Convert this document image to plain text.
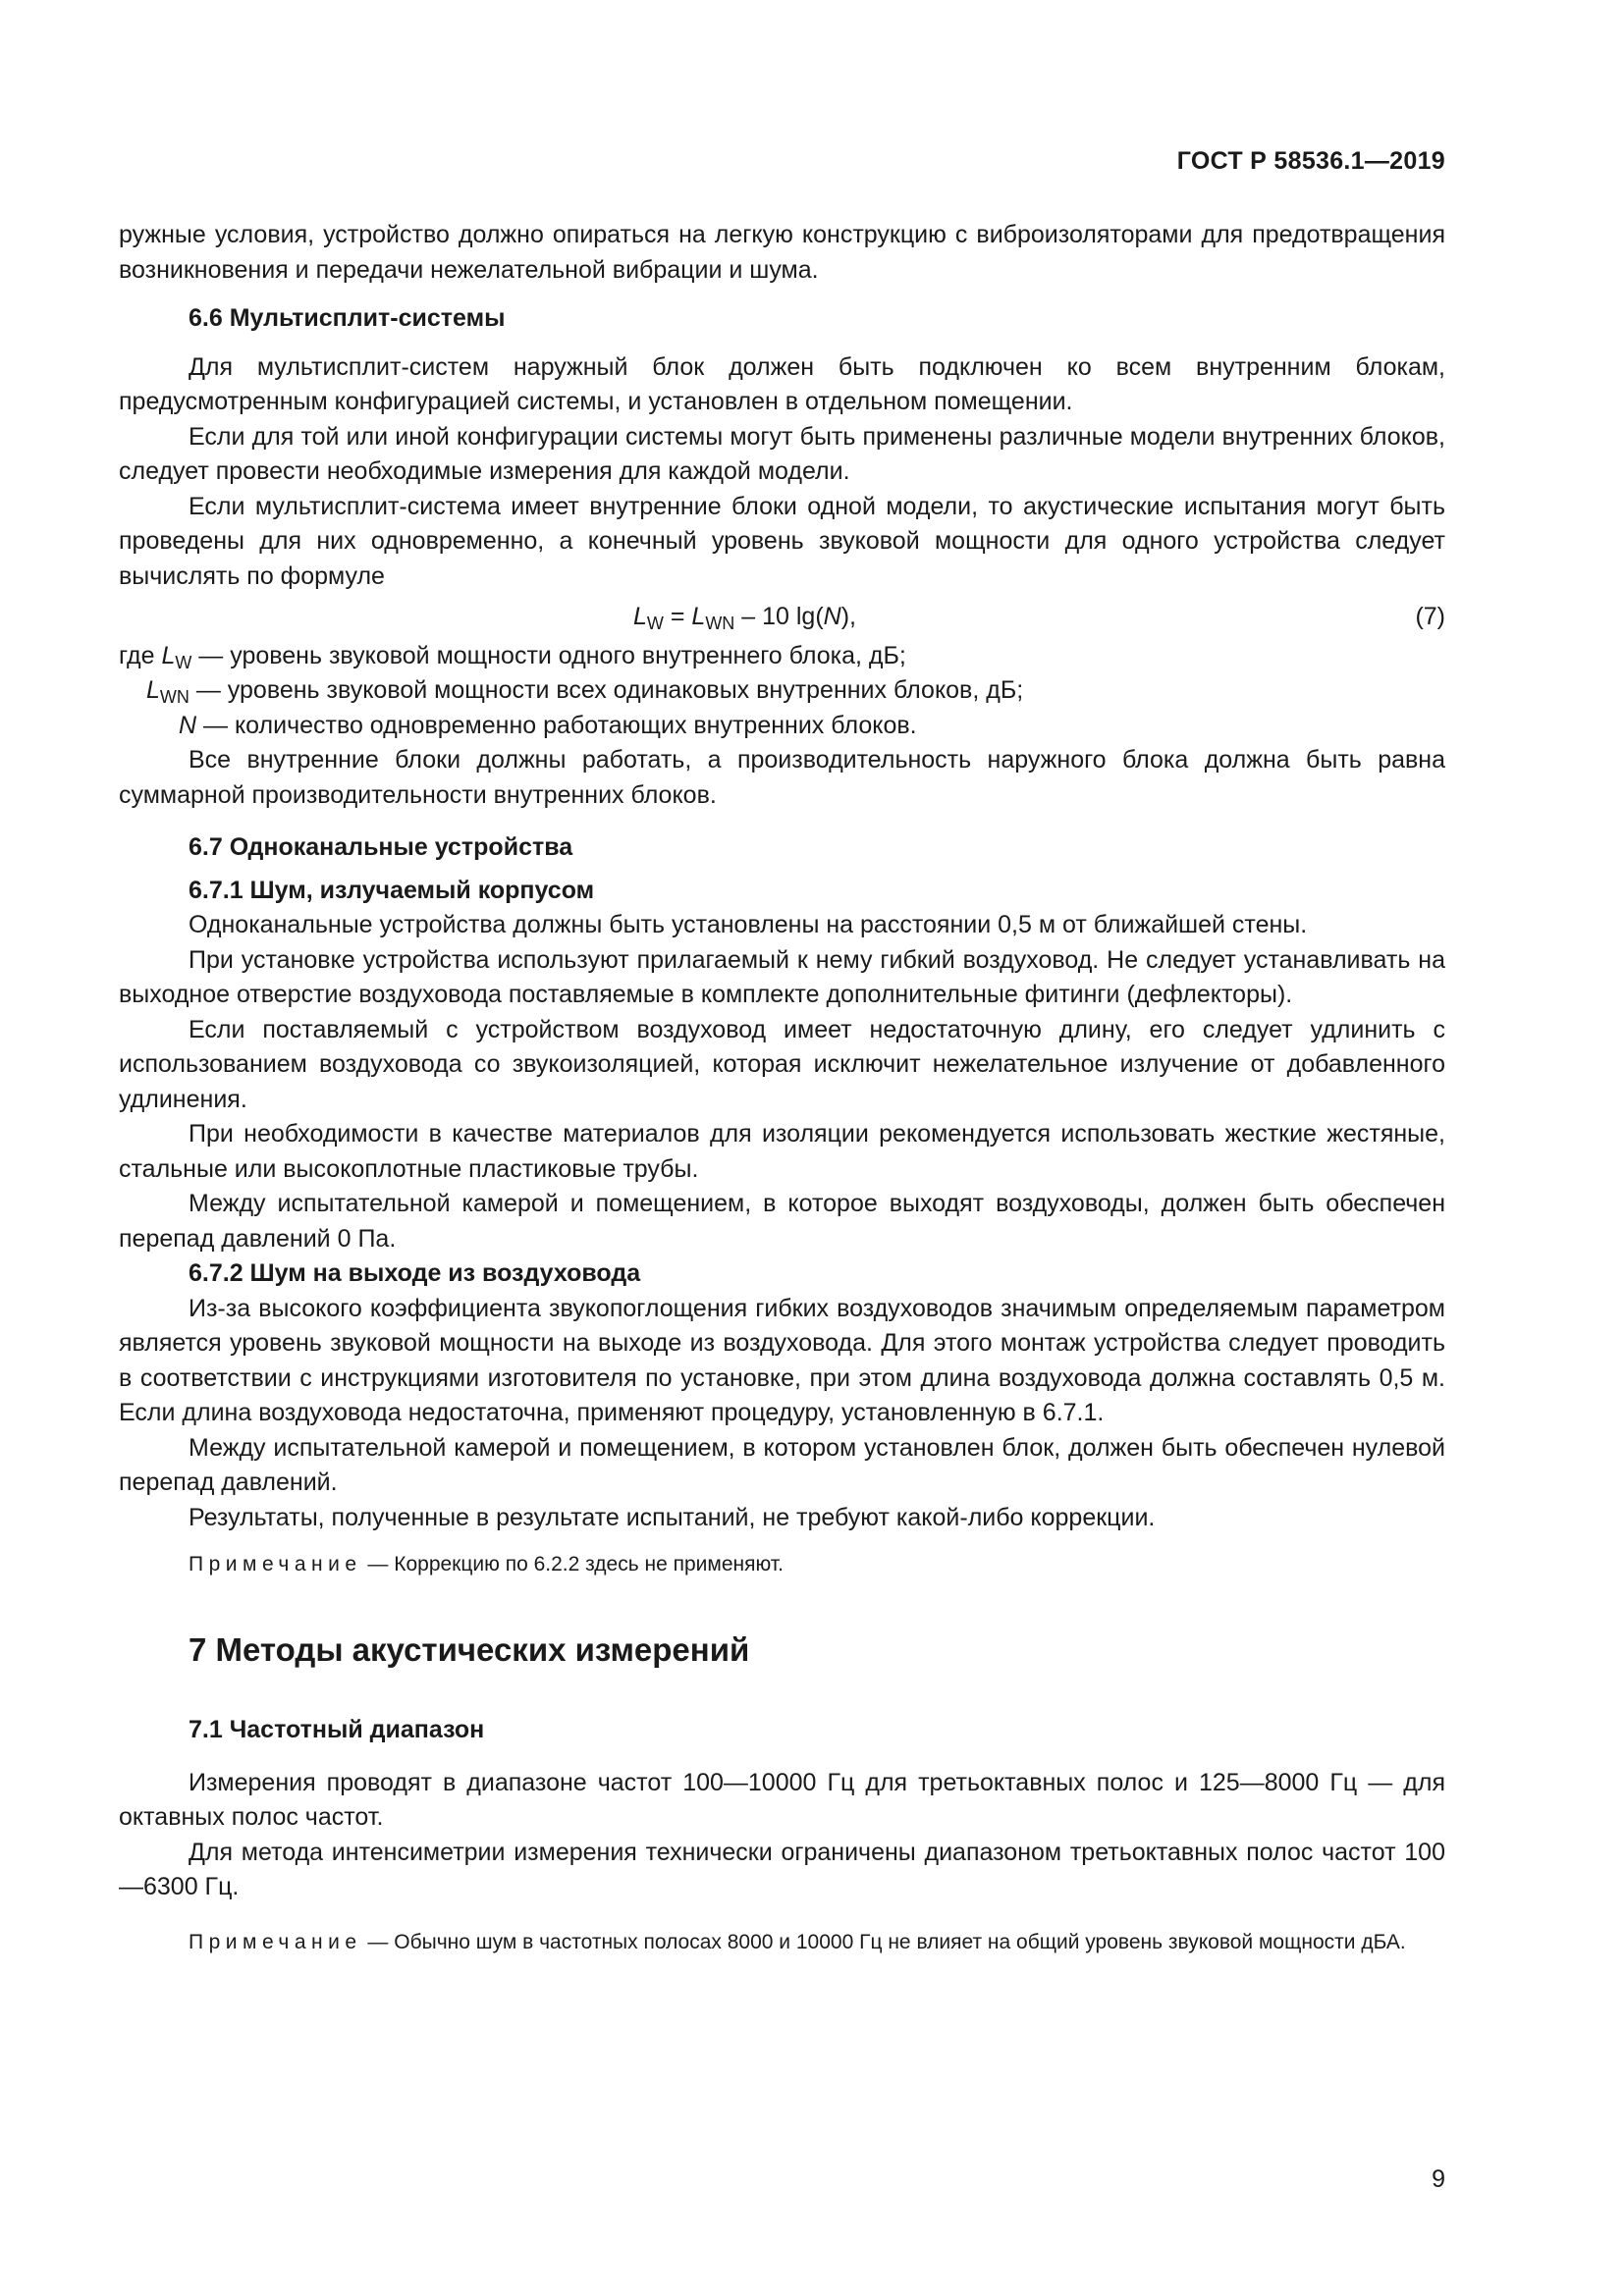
ГОСТ Р 58536.1—2019

ружные условия, устройство должно опираться на легкую конструкцию с виброизоляторами для предотвращения возникновения и передачи нежелательной вибрации и шума.

6.6 Мультисплит-системы

Для мультисплит-систем наружный блок должен быть подключен ко всем внутренним блокам, предусмотренным конфигурацией системы, и установлен в отдельном помещении.

Если для той или иной конфигурации системы могут быть применены различные модели внутренних блоков, следует провести необходимые измерения для каждой модели.

Если мультисплит-система имеет внутренние блоки одной модели, то акустические испытания могут быть проведены для них одновременно, а конечный уровень звуковой мощности для одного устройства следует вычислять по формуле

$L_W = L_{WN} - 10$ lg(N),	(7)

где $L_W$ — уровень звуковой мощности одного внутреннего блока, дБ;

$L_{WN}$ — уровень звуковой мощности всех одинаковых внутренних блоков, дБ;

N — количество одновременно работающих внутренних блоков.

Все внутренние блоки должны работать, а производительность наружного блока должна быть равна суммарной производительности внутренних блоков.

6.7 Одноканальные устройства

6.7.1 Шум, излучаемый корпусом

Одноканальные устройства должны быть установлены на расстоянии 0,5 м от ближайшей стены.

При установке устройства используют прилагаемый к нему гибкий воздуховод. Не следует устанавливать на выходное отверстие воздуховода поставляемые в комплекте дополнительные фитинги (дефлекторы).

Если поставляемый с устройством воздуховод имеет недостаточную длину, его следует удлинить с использованием воздуховода со звукоизоляцией, которая исключит нежелательное излучение от добавленного удлинения.

При необходимости в качестве материалов для изоляции рекомендуется использовать жесткие жестяные, стальные или высокоплотные пластиковые трубы.

Между испытательной камерой и помещением, в которое выходят воздуховоды, должен быть обеспечен перепад давлений 0 Па.

6.7.2 Шум на выходе из воздуховода

Из-за высокого коэффициента звукопоглощения гибких воздуховодов значимым определяемым параметром является уровень звуковой мощности на выходе из воздуховода. Для этого монтаж устройства следует проводить в соответствии с инструкциями изготовителя по установке, при этом длина воздуховода должна составлять 0,5 м. Если длина воздуховода недостаточна, применяют процедуру, установленную в 6.7.1.

Между испытательной камерой и помещением, в котором установлен блок, должен быть обеспечен нулевой перепад давлений.

Результаты, полученные в результате испытаний, не требуют какой-либо коррекции.

Примечание — Коррекцию по 6.2.2 здесь не применяют.

7 Методы акустических измерений

7.1 Частотный диапазон

Измерения проводят в диапазоне частот 100—10000 Гц для третьоктавных полос и 125—8000 Гц — для октавных полос частот.

Для метода интенсиметрии измерения технически ограничены диапазоном третьоктавных полос частот 100—6300 Гц.

Примечание — Обычно шум в частотных полосах 8000 и 10000 Гц не влияет на общий уровень звуковой мощности дБА.

9
